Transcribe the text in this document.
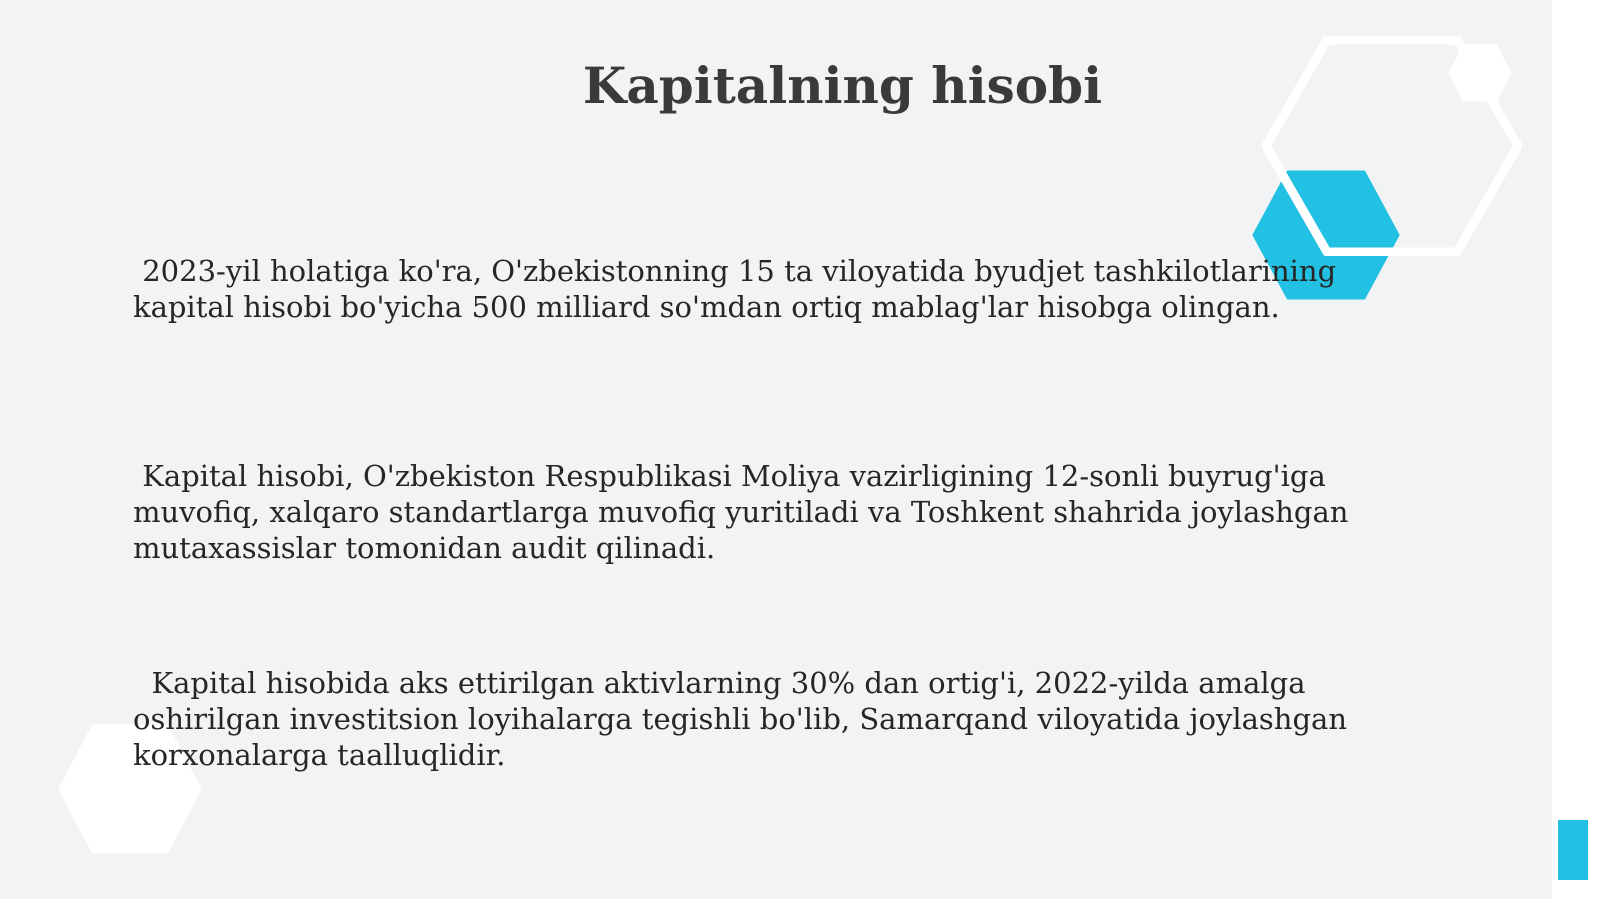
Kapitalning hisobi

2023-yil holatiga ko'ra, O'zbekistonning 15 ta viloyatida byudjet tashkilotlarining kapital hisobi bo'yicha 500 milliard so'mdan ortiq mablag'lar hisobga olingan.

Kapital hisobi, O'zbekiston Respublikasi Moliya vazirligining 12-sonli buyrug'iga muvofiq, xalqaro standartlarga muvofiq yuritiladi va Toshkent shahrida joylashgan mutaxassislar tomonidan audit qilinadi.

Kapital hisobida aks ettirilgan aktivlarning 30% dan ortig'i, 2022-yilda amalga oshirilgan investitsion loyihalarga tegishli bo'lib, Samarqand viloyatida joylashgan korxonalarga taalluqlidir.
